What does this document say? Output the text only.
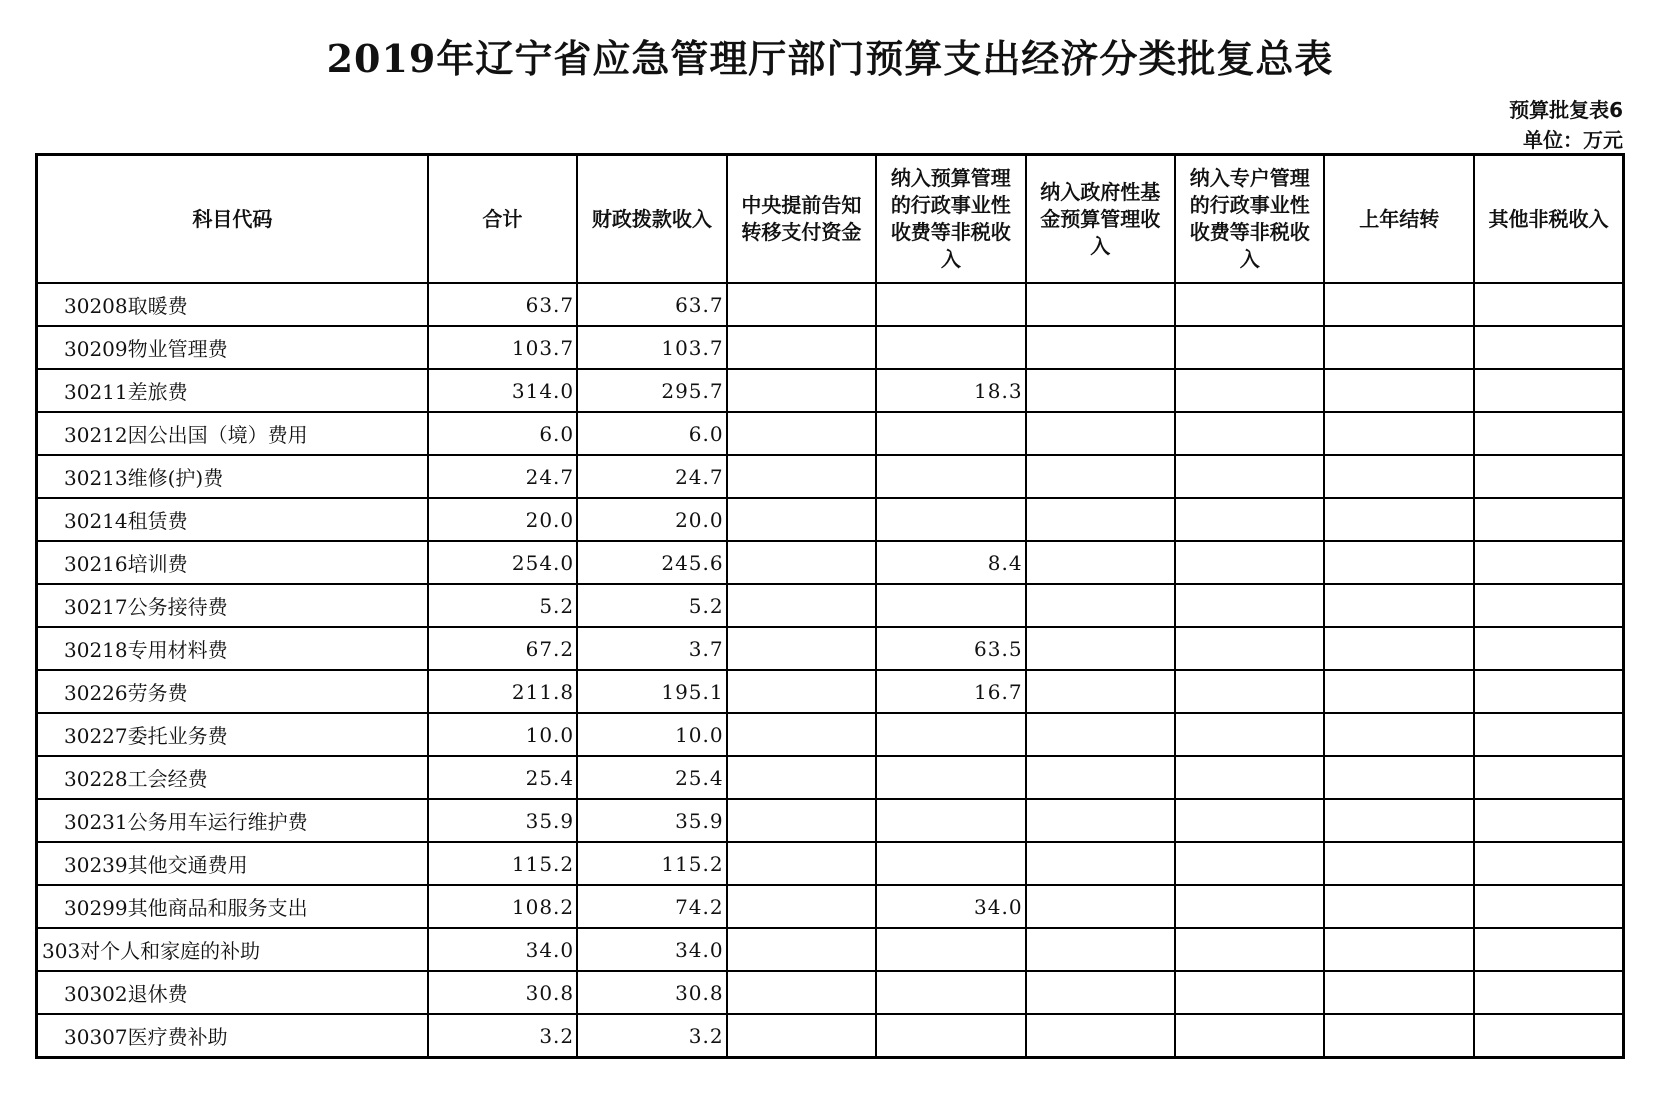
2019年辽宁省应急管理厅部门预算支出经济分类批复总表
预算批复表6
单位：万元
科目代码	合计	财政拨款收入	中央提前告知转移支付资金	纳入预算管理的行政事业性收费等非税收入	纳入政府性基金预算管理收入	纳入专户管理的行政事业性收费等非税收入	上年结转	其他非税收入
30208取暖费	63.7	63.7						
30209物业管理费	103.7	103.7						
30211差旅费	314.0	295.7		18.3				
30212因公出国（境）费用	6.0	6.0						
30213维修(护)费	24.7	24.7						
30214租赁费	20.0	20.0						
30216培训费	254.0	245.6		8.4				
30217公务接待费	5.2	5.2						
30218专用材料费	67.2	3.7		63.5				
30226劳务费	211.8	195.1		16.7				
30227委托业务费	10.0	10.0						
30228工会经费	25.4	25.4						
30231公务用车运行维护费	35.9	35.9						
30239其他交通费用	115.2	115.2						
30299其他商品和服务支出	108.2	74.2		34.0				
303对个人和家庭的补助	34.0	34.0						
30302退休费	30.8	30.8						
30307医疗费补助	3.2	3.2						
